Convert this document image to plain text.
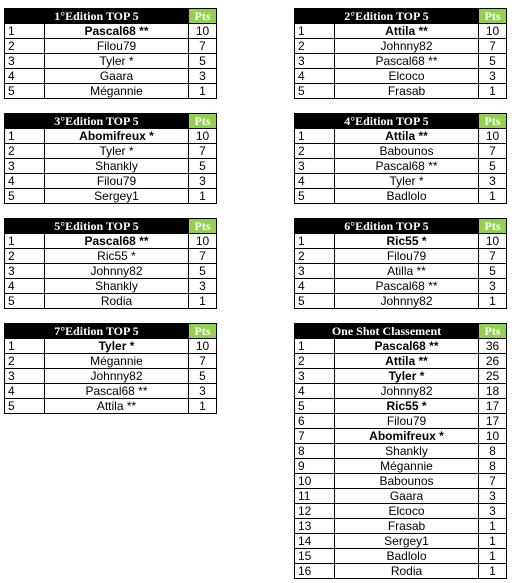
1°Edition TOP 5		Pts
1	Pascal68 **	10
2	Filou79	7
3	Tyler *	5
4	Gaara	3
5	Mégannie	1
2°Edition TOP 5		Pts
1	Attila **	10
2	Johnny82	7
3	Pascal68 **	5
4	Elcoco	3
5	Frasab	1
3°Edition TOP 5		Pts
1	Abomifreux *	10
2	Tyler *	7
3	Shankly	5
4	Filou79	3
5	Sergey1	1
4°Edition TOP 5		Pts
1	Attila **	10
2	Babounos	7
3	Pascal68 **	5
4	Tyler *	3
5	Badlolo	1
5°Edition TOP 5		Pts
1	Pascal68 **	10
2	Ric55 *	7
3	Johnny82	5
4	Shankly	3
5	Rodia	1
6°Edition TOP 5		Pts
1	Ric55 *	10
2	Filou79	7
3	Atilla **	5
4	Pascal68 **	3
5	Johnny82	1
7°Edition TOP 5		Pts
1	Tyler *	10
2	Mégannie	7
3	Johnny82	5
4	Pascal68 **	3
5	Attila **	1
One Shot Classement		Pts
1	Pascal68 **	36
2	Attila **	26
3	Tyler *	25
4	Johnny82	18
5	Ric55 *	17
6	Filou79	17
7	Abomifreux *	10
8	Shankly	8
9	Mégannie	8
10	Babounos	7
11	Gaara	3
12	Elcoco	3
13	Frasab	1
14	Sergey1	1
15	Badlolo	1
16	Rodia	1
